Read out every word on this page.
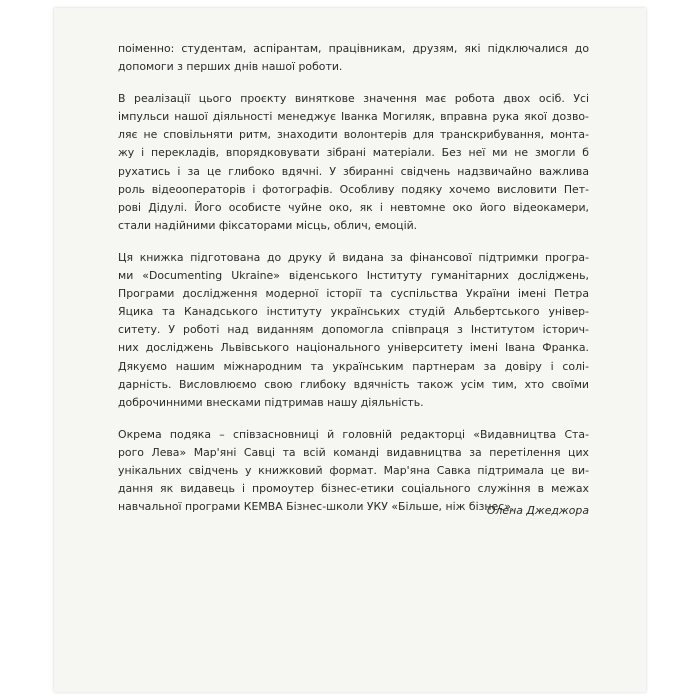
поіменно: студентам, аспірантам, працівникам, друзям, які підключалися до
допомоги з перших днів нашої роботи.

В реалізації цього проєкту виняткове значення має робота двох осіб. Усі
імпульси нашої діяльності менеджує Іванка Могиляк, вправна рука якої дозво-
ляє не сповільняти ритм, знаходити волонтерів для транскрибування, монта-
жу і перекладів, впорядковувати зібрані матеріали. Без неї ми не змогли б
рухатись і за це глибоко вдячні. У збиранні свідчень надзвичайно важлива
роль відеооператорів і фотографів. Особливу подяку хочемо висловити Пет-
рові Дідулі. Його особисте чуйне око, як і невтомне око його відеокамери,
стали надійними фіксаторами місць, облич, емоцій.

Ця книжка підготована до друку й видана за фінансової підтримки програ-
ми «Documenting Ukraine» віденського Інституту гуманітарних досліджень,
Програми дослідження модерної історії та суспільства України імені Петра
Яцика та Канадського інституту українських студій Альбертського універ-
ситету. У роботі над виданням допомогла співпраця з Інститутом історич-
них досліджень Львівського національного університету імені Івана Франка.
Дякуємо нашим міжнародним та українським партнерам за довіру і солі-
дарність. Висловлюємо свою глибоку вдячність також усім тим, хто своїми
доброчинними внесками підтримав нашу діяльність.

Окрема подяка – співзасновниці й головній редакторці «Видавництва Ста-
рого Лева» Мар'яні Савці та всій команді видавництва за перетілення цих
унікальних свідчень у книжковий формат. Мар'яна Савка підтримала це ви-
дання як видавець і промоутер бізнес-етики соціального служіння в межах
навчальної програми КЕМВА Бізнес-школи УКУ «Більше, ніж бізнес».

Олена Джеджора
